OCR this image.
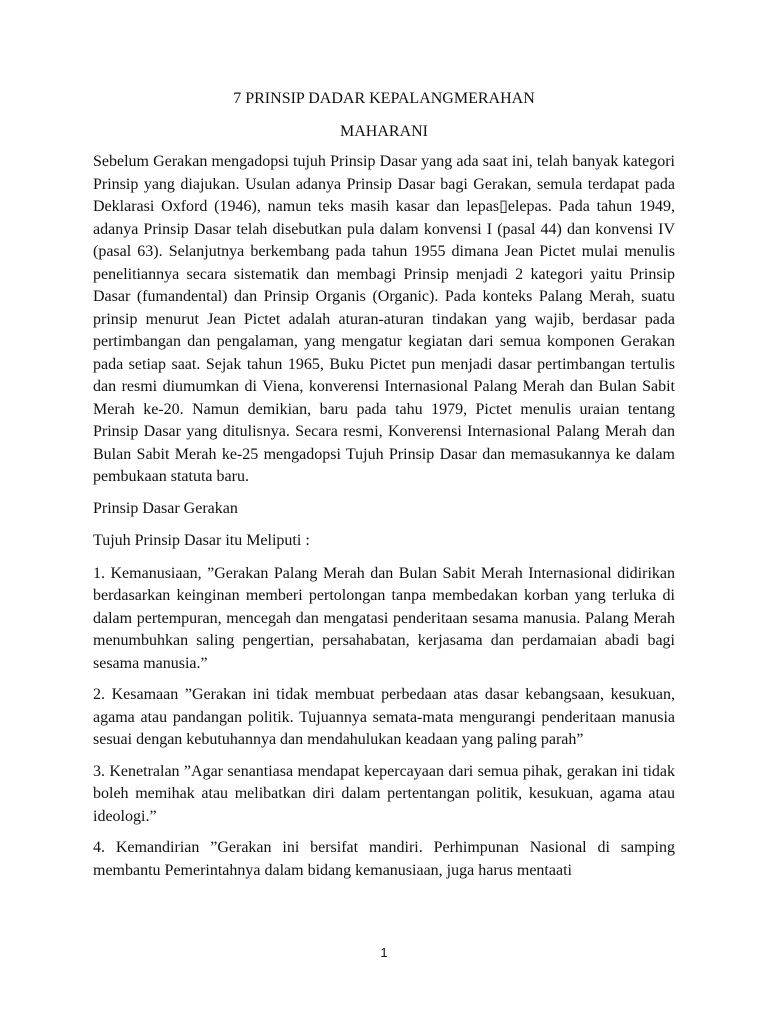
7 PRINSIP DADAR KEPALANGMERAHAN

MAHARANI

Sebelum Gerakan mengadopsi tujuh Prinsip Dasar yang ada saat ini, telah banyak kategori Prinsip yang diajukan. Usulan adanya Prinsip Dasar bagi Gerakan, semula terdapat pada Deklarasi Oxford (1946), namun teks masih kasar dan lepas▯elepas. Pada tahun 1949, adanya Prinsip Dasar telah disebutkan pula dalam konvensi I (pasal 44) dan konvensi IV (pasal 63). Selanjutnya berkembang pada tahun 1955 dimana Jean Pictet mulai menulis penelitiannya secara sistematik dan membagi Prinsip menjadi 2 kategori yaitu Prinsip Dasar (fumandental) dan Prinsip Organis (Organic). Pada konteks Palang Merah, suatu prinsip menurut Jean Pictet adalah aturan-aturan tindakan yang wajib, berdasar pada pertimbangan dan pengalaman, yang mengatur kegiatan dari semua komponen Gerakan pada setiap saat. Sejak tahun 1965, Buku Pictet pun menjadi dasar pertimbangan tertulis dan resmi diumumkan di Viena, konverensi Internasional Palang Merah dan Bulan Sabit Merah ke-20. Namun demikian, baru pada tahu 1979, Pictet menulis uraian tentang Prinsip Dasar yang ditulisnya. Secara resmi, Konverensi Internasional Palang Merah dan Bulan Sabit Merah ke-25 mengadopsi Tujuh Prinsip Dasar dan memasukannya ke dalam pembukaan statuta baru.

Prinsip Dasar Gerakan

Tujuh Prinsip Dasar itu Meliputi :

1. Kemanusiaan, ”Gerakan Palang Merah dan Bulan Sabit Merah Internasional didirikan berdasarkan keinginan memberi pertolongan tanpa membedakan korban yang terluka di dalam pertempuran, mencegah dan mengatasi penderitaan sesama manusia. Palang Merah menumbuhkan saling pengertian, persahabatan, kerjasama dan perdamaian abadi bagi sesama manusia.”

2. Kesamaan ”Gerakan ini tidak membuat perbedaan atas dasar kebangsaan, kesukuan, agama atau pandangan politik. Tujuannya semata-mata mengurangi penderitaan manusia sesuai dengan kebutuhannya dan mendahulukan keadaan yang paling parah”

3. Kenetralan ”Agar senantiasa mendapat kepercayaan dari semua pihak, gerakan ini tidak boleh memihak atau melibatkan diri dalam pertentangan politik, kesukuan, agama atau ideologi.”

4. Kemandirian ”Gerakan ini bersifat mandiri. Perhimpunan Nasional di samping membantu Pemerintahnya dalam bidang kemanusiaan, juga harus mentaati

1
